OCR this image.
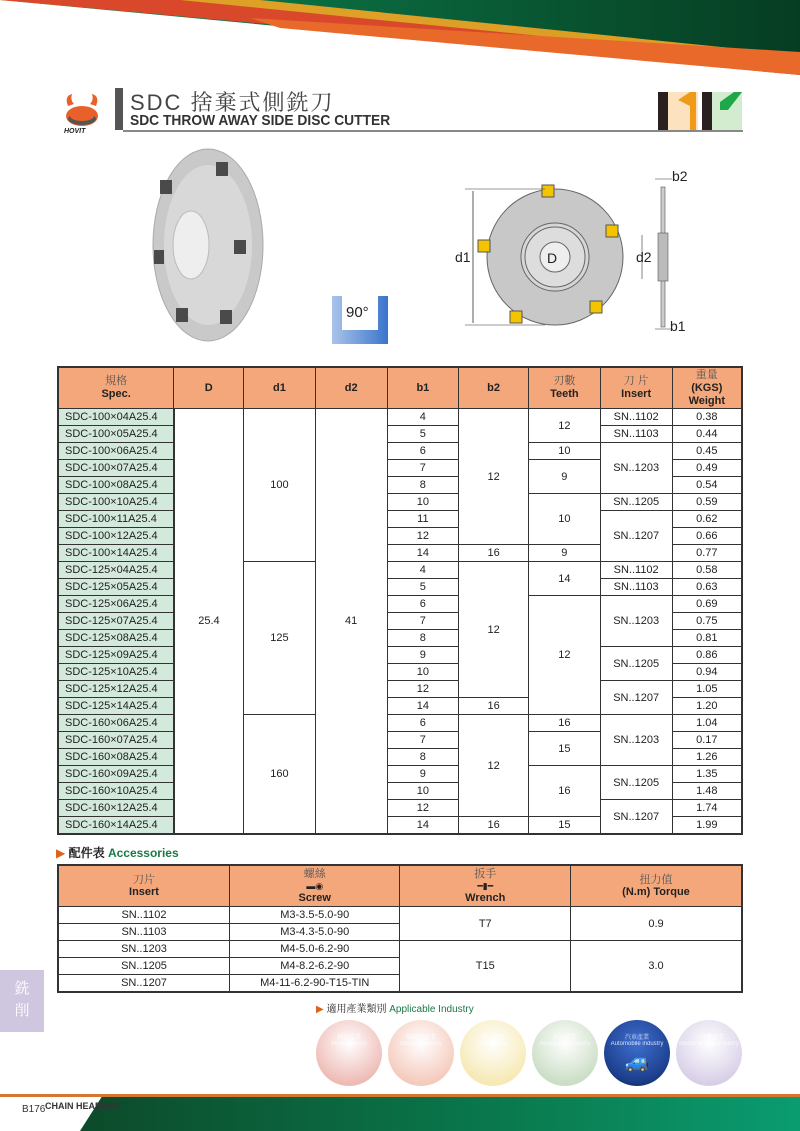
HOVIT
SDC 捨棄式側銑刀
SDC THROW AWAY SIDE DISC CUTTER
90°
d1	d2
b2
b1
D
規格
Spec.	D	d1	d2	b1	b2	刃數
Teeth	刀 片
Insert	重量
(KGS) Weight
SDC-100×04A25.4	25.4	100	41	4	12	12	SN..1102	0.38
SDC-100×05A25.4				5			SN..1103	0.44
SDC-100×06A25.4				6		10	SN..1203	0.45
SDC-100×07A25.4				7		9		0.49
SDC-100×08A25.4				8				0.54
SDC-100×10A25.4				10		10	SN..1205	0.59
SDC-100×11A25.4				11			SN..1207	0.62
SDC-100×12A25.4				12				0.66
SDC-100×14A25.4				14	16	9		0.77
SDC-125×04A25.4		125		4	12	14	SN..1102	0.58
SDC-125×05A25.4				5			SN..1103	0.63
SDC-125×06A25.4				6		12	SN..1203	0.69
SDC-125×07A25.4				7				0.75
SDC-125×08A25.4				8				0.81
SDC-125×09A25.4				9			SN..1205	0.86
SDC-125×10A25.4				10				0.94
SDC-125×12A25.4				12			SN..1207	1.05
SDC-125×14A25.4				14	16			1.20
SDC-160×06A25.4		160		6	12	16	SN..1203	1.04
SDC-160×07A25.4				7		15		0.17
SDC-160×08A25.4				8				1.26
SDC-160×09A25.4				9		16	SN..1205	1.35
SDC-160×10A25.4				10				1.48
SDC-160×12A25.4				12			SN..1207	1.74
SDC-160×14A25.4				14	16	15		1.99
▶ 配件表 Accessories
刀片
Insert	螺絲
▬◉
Screw	扳手
━▮━
Wrench	扭力值
(N.m) Torque
SN..1102	M3-3.5-5.0-90	T7	0.9
SN..1103	M3-4.3-5.0-90		
SN..1203	M4-5.0-6.2-90	T15	3.0
SN..1205	M4-8.2-6.2-90		
SN..1207	M4-11-6.2-90-T15-TIN		
▶ 適用產業類別 Applicable Industry
模具產業
Mold industry
腳踏車產業
Bicycle industry
電子產業
IT industry
航太產業
Aerospace industry
汽車產業
Automobile industry
🚙
工具機產業
Machine tools industry
銑
削
B176 CHAIN HEADWAY
